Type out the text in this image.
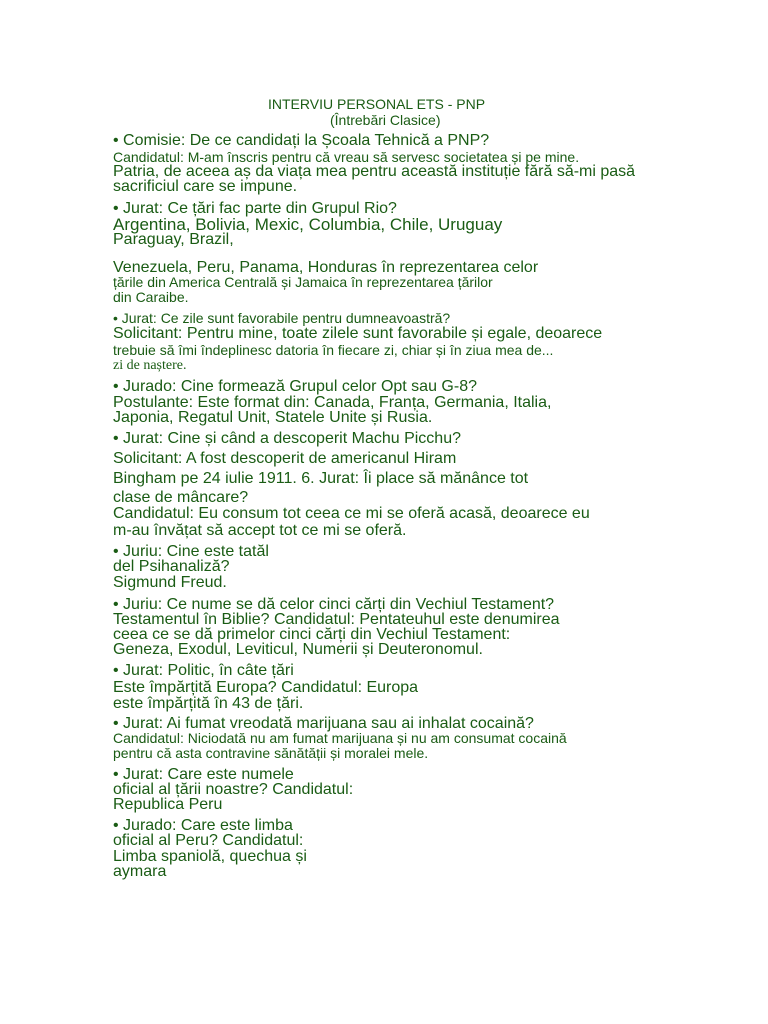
INTERVIU PERSONAL ETS - PNP
(Întrebări Clasice)
• Comisie: De ce candidați la Școala Tehnică a PNP?
Candidatul: M-am înscris pentru că vreau să servesc societatea și pe mine.
Patria, de aceea aș da viața mea pentru această instituție fără să-mi pasă
sacrificiul care se impune.
• Jurat: Ce țări fac parte din Grupul Rio?
Argentina, Bolivia, Mexic, Columbia, Chile, Uruguay
Paraguay, Brazil,
Venezuela, Peru, Panama, Honduras în reprezentarea celor
țările din America Centrală și Jamaica în reprezentarea țărilor
din Caraibe.
• Jurat: Ce zile sunt favorabile pentru dumneavoastră?
Solicitant: Pentru mine, toate zilele sunt favorabile și egale, deoarece
trebuie să îmi îndeplinesc datoria în fiecare zi, chiar și în ziua mea de...
zi de naștere.
• Jurado: Cine formează Grupul celor Opt sau G-8?
Postulante: Este format din: Canada, Franța, Germania, Italia,
Japonia, Regatul Unit, Statele Unite și Rusia.
• Jurat: Cine și când a descoperit Machu Picchu?
Solicitant: A fost descoperit de americanul Hiram
Bingham pe 24 iulie 1911. 6. Jurat: Îi place să mănânce tot
clase de mâncare?
Candidatul: Eu consum tot ceea ce mi se oferă acasă, deoarece eu
m-au învățat să accept tot ce mi se oferă.
• Juriu: Cine este tatăl
del Psihanaliză?
Sigmund Freud.
• Juriu: Ce nume se dă celor cinci cărți din Vechiul Testament?
Testamentul în Biblie? Candidatul: Pentateuhul este denumirea
ceea ce se dă primelor cinci cărți din Vechiul Testament:
Geneza, Exodul, Leviticul, Numerii și Deuteronomul.
• Jurat: Politic, în câte țări
Este împărțită Europa? Candidatul: Europa
este împărțită în 43 de țări.
• Jurat: Ai fumat vreodată marijuana sau ai inhalat cocaină?
Candidatul: Niciodată nu am fumat marijuana și nu am consumat cocaină
pentru că asta contravine sănătății și moralei mele.
• Jurat: Care este numele
oficial al țării noastre? Candidatul:
Republica Peru
• Jurado: Care este limba
oficial al Peru? Candidatul:
Limba spaniolă, quechua și
aymara
